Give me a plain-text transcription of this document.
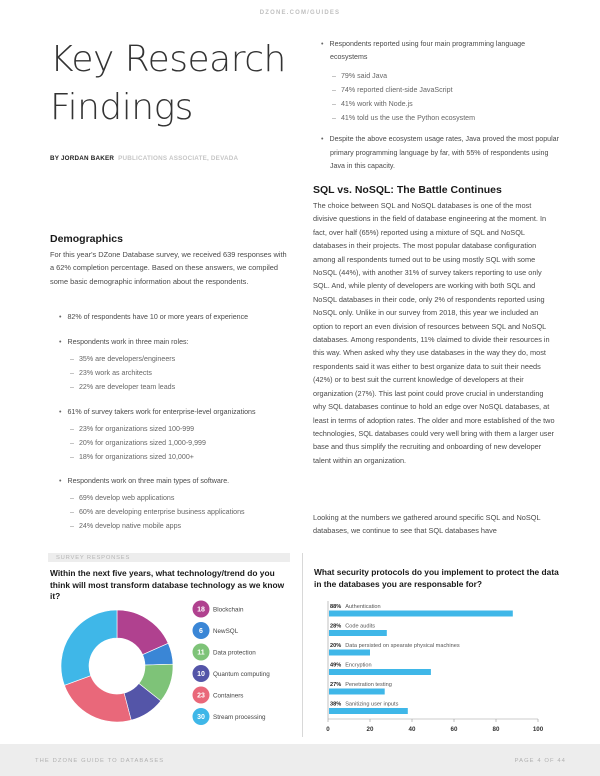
DZONE.COM/GUIDES
Key Research
Findings
BY JORDAN BAKER PUBLICATIONS ASSOCIATE, DEVADA
Demographics
For this year's DZone Database survey, we received 639 responses with a 62% completion percentage. Based on these answers, we compiled some basic demographic information about the respondents.
• 82% of respondents have 10 or more years of experience
• Respondents work in three main roles:
– 35% are developers/engineers
– 23% work as architects
– 22% are developer team leads
• 61% of survey takers work for enterprise-level organizations
– 23% for organizations sized 100-999
– 20% for organizations sized 1,000-9,999
– 18% for organizations sized 10,000+
• Respondents work on three main types of software.
– 69% develop web applications
– 60% are developing enterprise business applications
– 24% develop native mobile apps
• Respondents reported using four main programming language ecosystems
– 79% said Java
– 74% reported client-side JavaScript
– 41% work with Node.js
– 41% told us the use the Python ecosystem
• Despite the above ecosystem usage rates, Java proved the most popular primary programming language by far, with 55% of respondents using Java in this capacity.
SQL vs. NoSQL: The Battle Continues
The choice between SQL and NoSQL databases is one of the most divisive questions in the field of database engineering at the moment. In fact, over half (65%) reported using a mixture of SQL and NoSQL databases in their projects. The most popular database configuration among all respondents turned out to be using mostly SQL with some NoSQL (44%), with another 31% of survey takers reporting to use only SQL. And, while plenty of developers are working with both SQL and NoSQL databases in their code, only 2% of respondents reported using NoSQL only. Unlike in our survey from 2018, this year we included an option to report an even division of resources between SQL and NoSQL databases. Among respondents, 11% claimed to divide their resources in this way. When asked why they use databases in the way they do, most respondents said it was either to best organize data to suit their needs (42%) or to best suit the current knowledge of developers at their organization (27%). This last point could prove crucial in understanding why SQL databases continue to hold an edge over NoSQL databases, at least in terms of adoption rates. The older and more established of the two technologies, SQL databases could very well bring with them a larger user base and thus simplify the recruiting and onboarding of new developer talent within an organization.
Looking at the numbers we gathered around specific SQL and NoSQL databases, we continue to see that SQL databases have
SURVEY RESPONSES
Within the next five years, what technology/trend do you think will most transform database technology as we know it?
What security protocols do you implement to protect the data in the databases you are responsable for?
18 Blockchain
6 NewSQL
11 Data protection
10 Quantum computing
23 Containers
30 Stream processing
0	20	40	60	80	100
88% Authentication
28% Code audits
20% Data persisted on spearate physical machines
49% Encryption
27% Penetration testing
38% Sanitizing user inputs
THE DZONE GUIDE TO DATABASES	PAGE 4 OF 44
